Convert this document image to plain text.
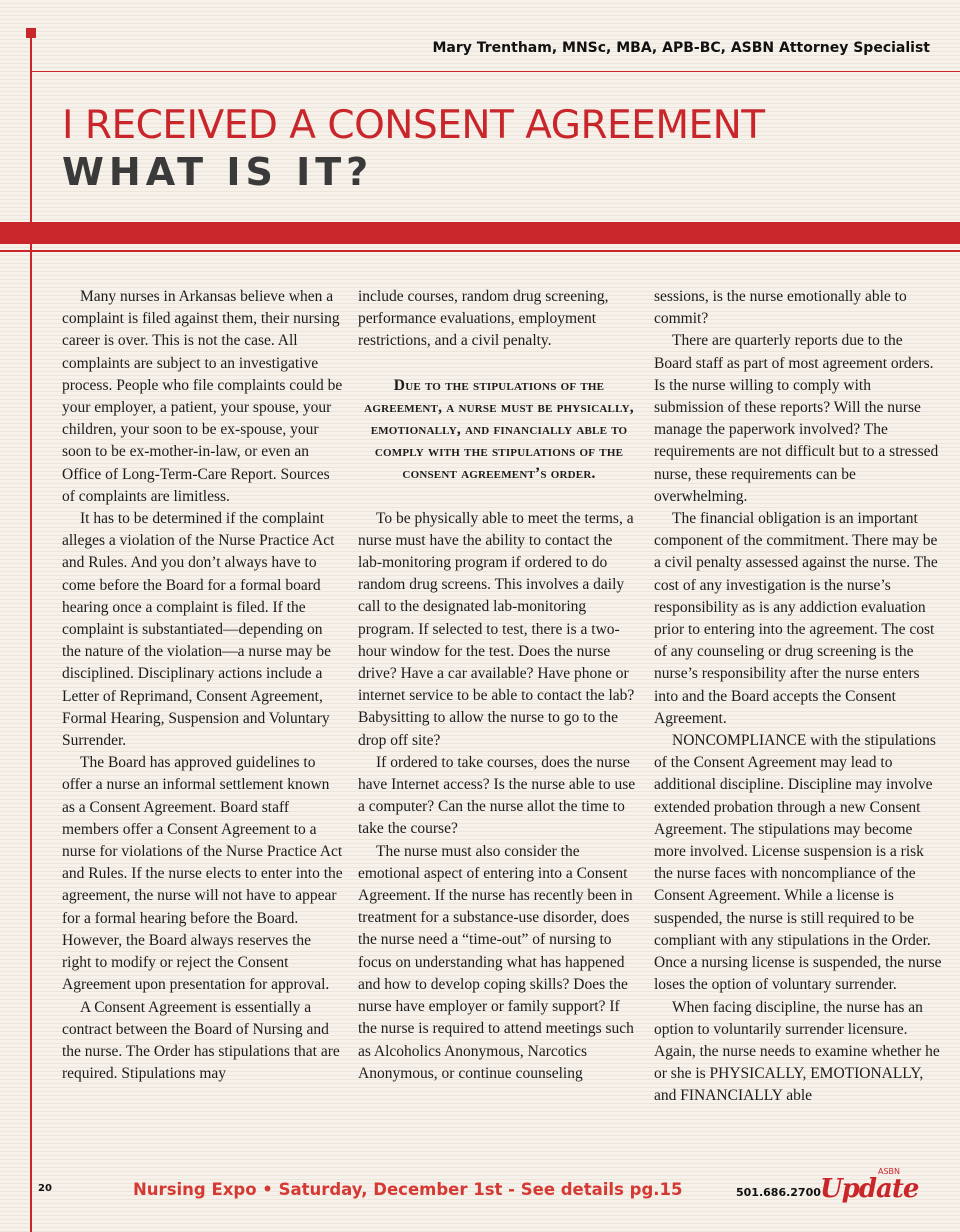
Mary Trentham, MNSc, MBA, APB-BC, ASBN Attorney Specialist
I RECEIVED A CONSENT AGREEMENT
WHAT IS IT?

Many nurses in Arkansas believe when a complaint is filed against them, their nursing career is over. This is not the case. All complaints are subject to an investigative process. People who file complaints could be your employer, a patient, your spouse, your children, your soon to be ex-spouse, your soon to be ex-mother-in-law, or even an Office of Long-Term-Care Report. Sources of complaints are limitless.

It has to be determined if the complaint alleges a violation of the Nurse Practice Act and Rules. And you don’t always have to come before the Board for a formal board hearing once a complaint is filed. If the complaint is substantiated—depending on the nature of the violation—a nurse may be disciplined. Disciplinary actions include a Letter of Reprimand, Consent Agreement, Formal Hearing, Suspension and Voluntary Surrender.

The Board has approved guidelines to offer a nurse an informal settlement known as a Consent Agreement. Board staff members offer a Consent Agreement to a nurse for violations of the Nurse Practice Act and Rules. If the nurse elects to enter into the agreement, the nurse will not have to appear for a formal hearing before the Board. However, the Board always reserves the right to modify or reject the Consent Agreement upon presentation for approval.

A Consent Agreement is essentially a contract between the Board of Nursing and the nurse. The Order has stipulations that are required. Stipulations may

include courses, random drug screening, performance evaluations, employment restrictions, and a civil penalty.

Due to the stipulations of the agreement, a nurse must be physically, emotionally, and financially able to comply with the stipulations of the consent agreement’s order.

To be physically able to meet the terms, a nurse must have the ability to contact the lab-monitoring program if ordered to do random drug screens. This involves a daily call to the designated lab-monitoring program. If selected to test, there is a two-hour window for the test. Does the nurse drive? Have a car available? Have phone or internet service to be able to contact the lab? Babysitting to allow the nurse to go to the drop off site?

If ordered to take courses, does the nurse have Internet access? Is the nurse able to use a computer? Can the nurse allot the time to take the course?

The nurse must also consider the emotional aspect of entering into a Consent Agreement. If the nurse has recently been in treatment for a substance-use disorder, does the nurse need a “time-out” of nursing to focus on understanding what has happened and how to develop coping skills? Does the nurse have employer or family support? If the nurse is required to attend meetings such as Alcoholics Anonymous, Narcotics Anonymous, or continue counseling

sessions, is the nurse emotionally able to commit?

There are quarterly reports due to the Board staff as part of most agreement orders. Is the nurse willing to comply with submission of these reports? Will the nurse manage the paperwork involved? The requirements are not difficult but to a stressed nurse, these requirements can be overwhelming.

The financial obligation is an important component of the commitment. There may be a civil penalty assessed against the nurse. The cost of any investigation is the nurse’s responsibility as is any addiction evaluation prior to entering into the agreement. The cost of any counseling or drug screening is the nurse’s responsibility after the nurse enters into and the Board accepts the Consent Agreement.

NONCOMPLIANCE with the stipulations of the Consent Agreement may lead to additional discipline. Discipline may involve extended probation through a new Consent Agreement. The stipulations may become more involved. License suspension is a risk the nurse faces with noncompliance of the Consent Agreement. While a license is suspended, the nurse is still required to be compliant with any stipulations in the Order. Once a nursing license is suspended, the nurse loses the option of voluntary surrender.

When facing discipline, the nurse has an option to voluntarily surrender licensure. Again, the nurse needs to examine whether he or she is PHYSICALLY, EMOTIONALLY, and FINANCIALLY able

20	Nursing Expo • Saturday, December 1st - See details pg.15	501.686.2700
ASBN
Update
